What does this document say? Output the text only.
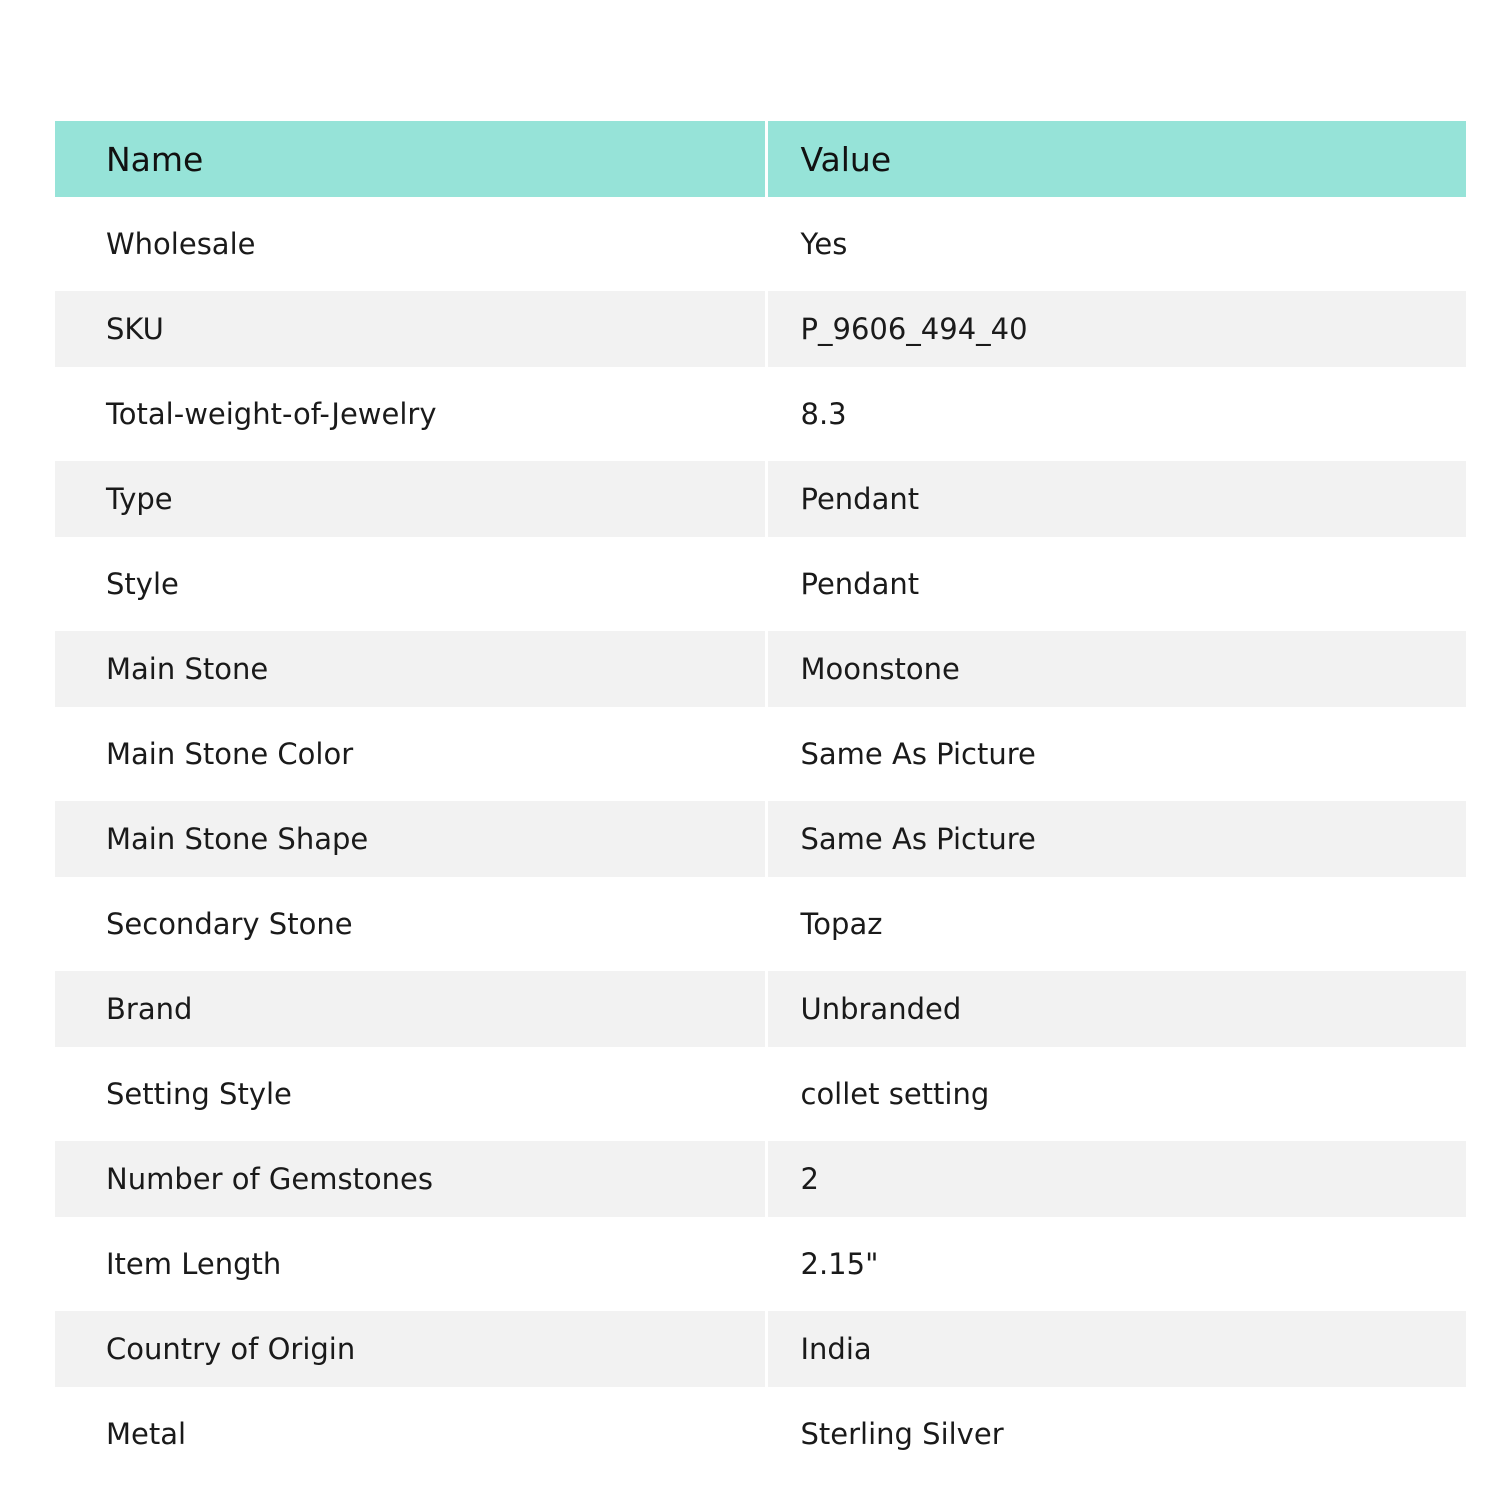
Name	Value
Wholesale	Yes
SKU	P_9606_494_40
Total-weight-of-Jewelry	8.3
Type	Pendant
Style	Pendant
Main Stone	Moonstone
Main Stone Color	Same As Picture
Main Stone Shape	Same As Picture
Secondary Stone	Topaz
Brand	Unbranded
Setting Style	collet setting
Number of Gemstones	2
Item Length	2.15"
Country of Origin	India
Metal	Sterling Silver
